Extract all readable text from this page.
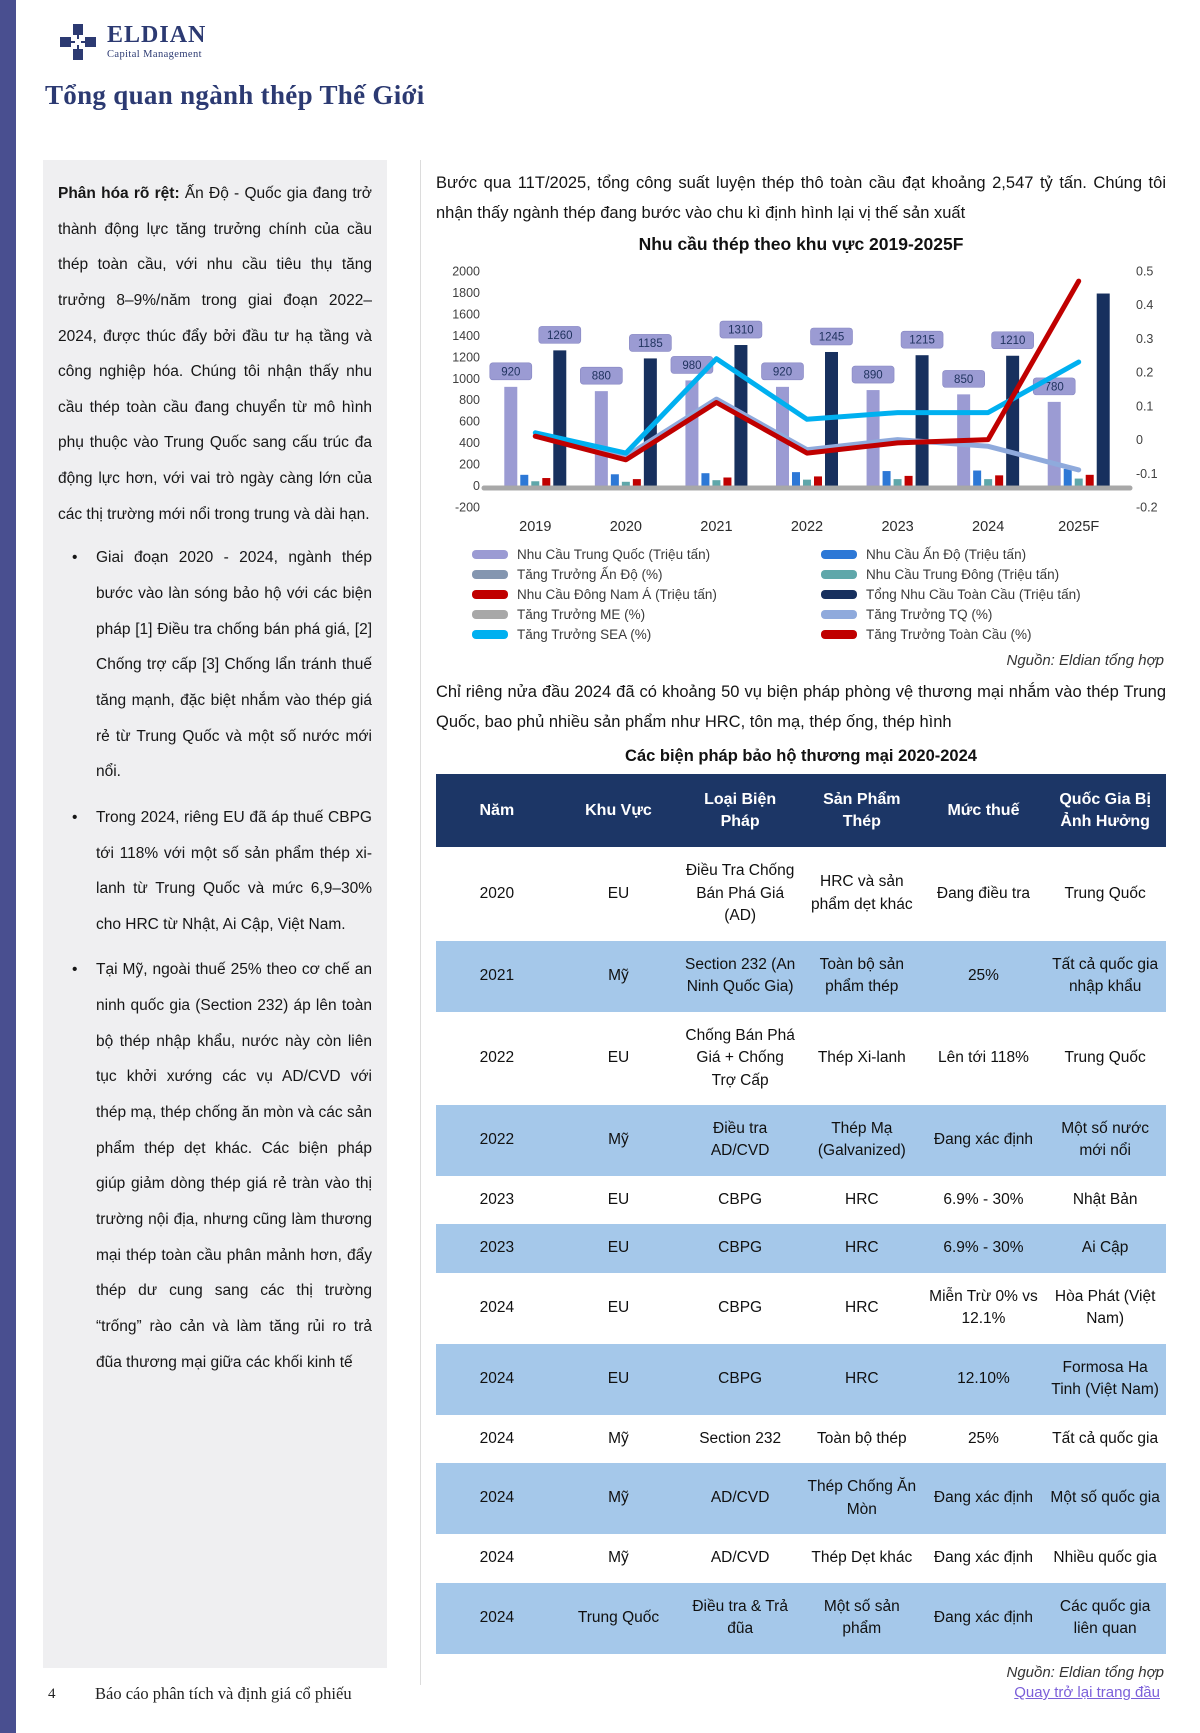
ELDIAN
Capital Management
Tổng quan ngành thép Thế Giới

Phân hóa rõ rệt: Ấn Độ - Quốc gia đang trở thành động lực tăng trưởng chính của cầu thép toàn cầu, với nhu cầu tiêu thụ tăng trưởng 8–9%/năm trong giai đoạn 2022–2024, được thúc đẩy bởi đầu tư hạ tầng và công nghiệp hóa. Chúng tôi nhận thấy nhu cầu thép toàn cầu đang chuyển từ mô hình phụ thuộc vào Trung Quốc sang cấu trúc đa động lực hơn, với vai trò ngày càng lớn của các thị trường mới nổi trong trung và dài hạn.

• Giai đoạn 2020 - 2024, ngành thép bước vào làn sóng bảo hộ với các biện pháp [1] Điều tra chống bán phá giá, [2] Chống trợ cấp [3] Chống lẩn tránh thuế tăng mạnh, đặc biệt nhắm vào thép giá rẻ từ Trung Quốc và một số nước mới nổi.
• Trong 2024, riêng EU đã áp thuế CBPG tới 118% với một số sản phẩm thép xi-lanh từ Trung Quốc và mức 6,9–30% cho HRC từ Nhật, Ai Cập, Việt Nam.
• Tại Mỹ, ngoài thuế 25% theo cơ chế an ninh quốc gia (Section 232) áp lên toàn bộ thép nhập khẩu, nước này còn liên tục khởi xướng các vụ AD/CVD với thép mạ, thép chống ăn mòn và các sản phẩm thép dẹt khác. Các biện pháp giúp giảm dòng thép giá rẻ tràn vào thị trường nội địa, nhưng cũng làm thương mại thép toàn cầu phân mảnh hơn, đẩy thép dư cung sang các thị trường “trống” rào cản và làm tăng rủi ro trả đũa thương mại giữa các khối kinh tế

Bước qua 11T/2025, tổng công suất luyện thép thô toàn cầu đạt khoảng 2,547 tỷ tấn. Chúng tôi nhận thấy ngành thép đang bước vào chu kì định hình lại vị thế sản xuất

Nhu cầu thép theo khu vực 2019-2025F
2000
1800
1600
1400
1200
1000
800
600
400
200
0
-200
0.5
0.4
0.3
0.2
0.1
0
-0.1
-0.2
920	880
980
920	890	850
780
1260
1185
1310
1245	1215	1210
2019	2020	2021	2022	2023	2024	2025F
Nhu Cầu Trung Quốc (Triệu tấn)
Tăng Trưởng Ấn Độ (%)
Nhu Cầu Đông Nam Á (Triệu tấn)
Tăng Trưởng ME (%)
Tăng Trưởng SEA (%)
Nhu Cầu Ấn Độ (Triệu tấn)
Nhu Cầu Trung Đông (Triệu tấn)
Tổng Nhu Cầu Toàn Cầu (Triệu tấn)
Tăng Trưởng TQ (%)
Tăng Trưởng Toàn Cầu (%)
Nguồn: Eldian tổng hợp

Chỉ riêng nửa đầu 2024 đã có khoảng 50 vụ biện pháp phòng vệ thương mại nhắm vào thép Trung Quốc, bao phủ nhiều sản phẩm như HRC, tôn mạ, thép ống, thép hình

Các biện pháp bảo hộ thương mại 2020-2024
Năm	Khu Vực	Loại Biện Pháp	Sản Phẩm Thép	Mức thuế	Quốc Gia Bị Ảnh Hưởng
2020	EU	Điều Tra Chống Bán Phá Giá (AD)	HRC và sản phẩm dẹt khác	Đang điều tra	Trung Quốc
2021	Mỹ	Section 232 (An Ninh Quốc Gia)	Toàn bộ sản phẩm thép	25%	Tất cả quốc gia nhập khẩu
2022	EU	Chống Bán Phá Giá + Chống Trợ Cấp	Thép Xi-lanh	Lên tới 118%	Trung Quốc
2022	Mỹ	Điều tra AD/CVD	Thép Mạ (Galvanized)	Đang xác định	Một số nước mới nổi
2023	EU	CBPG	HRC	6.9% - 30%	Nhật Bản
2023	EU	CBPG	HRC	6.9% - 30%	Ai Cập
2024	EU	CBPG	HRC	Miễn Trừ 0% vs 12.1%	Hòa Phát (Việt Nam)
2024	EU	CBPG	HRC	12.10%	Formosa Ha Tinh (Việt Nam)
2024	Mỹ	Section 232	Toàn bộ thép	25%	Tất cả quốc gia
2024	Mỹ	AD/CVD	Thép Chống Ăn Mòn	Đang xác định	Một số quốc gia
2024	Mỹ	AD/CVD	Thép Dẹt khác	Đang xác định	Nhiều quốc gia
2024	Trung Quốc	Điều tra & Trả đũa	Một số sản phẩm	Đang xác định	Các quốc gia liên quan
Nguồn: Eldian tổng hợp
4 Báo cáo phân tích và định giá cổ phiếu	Quay trở lại trang đầu
